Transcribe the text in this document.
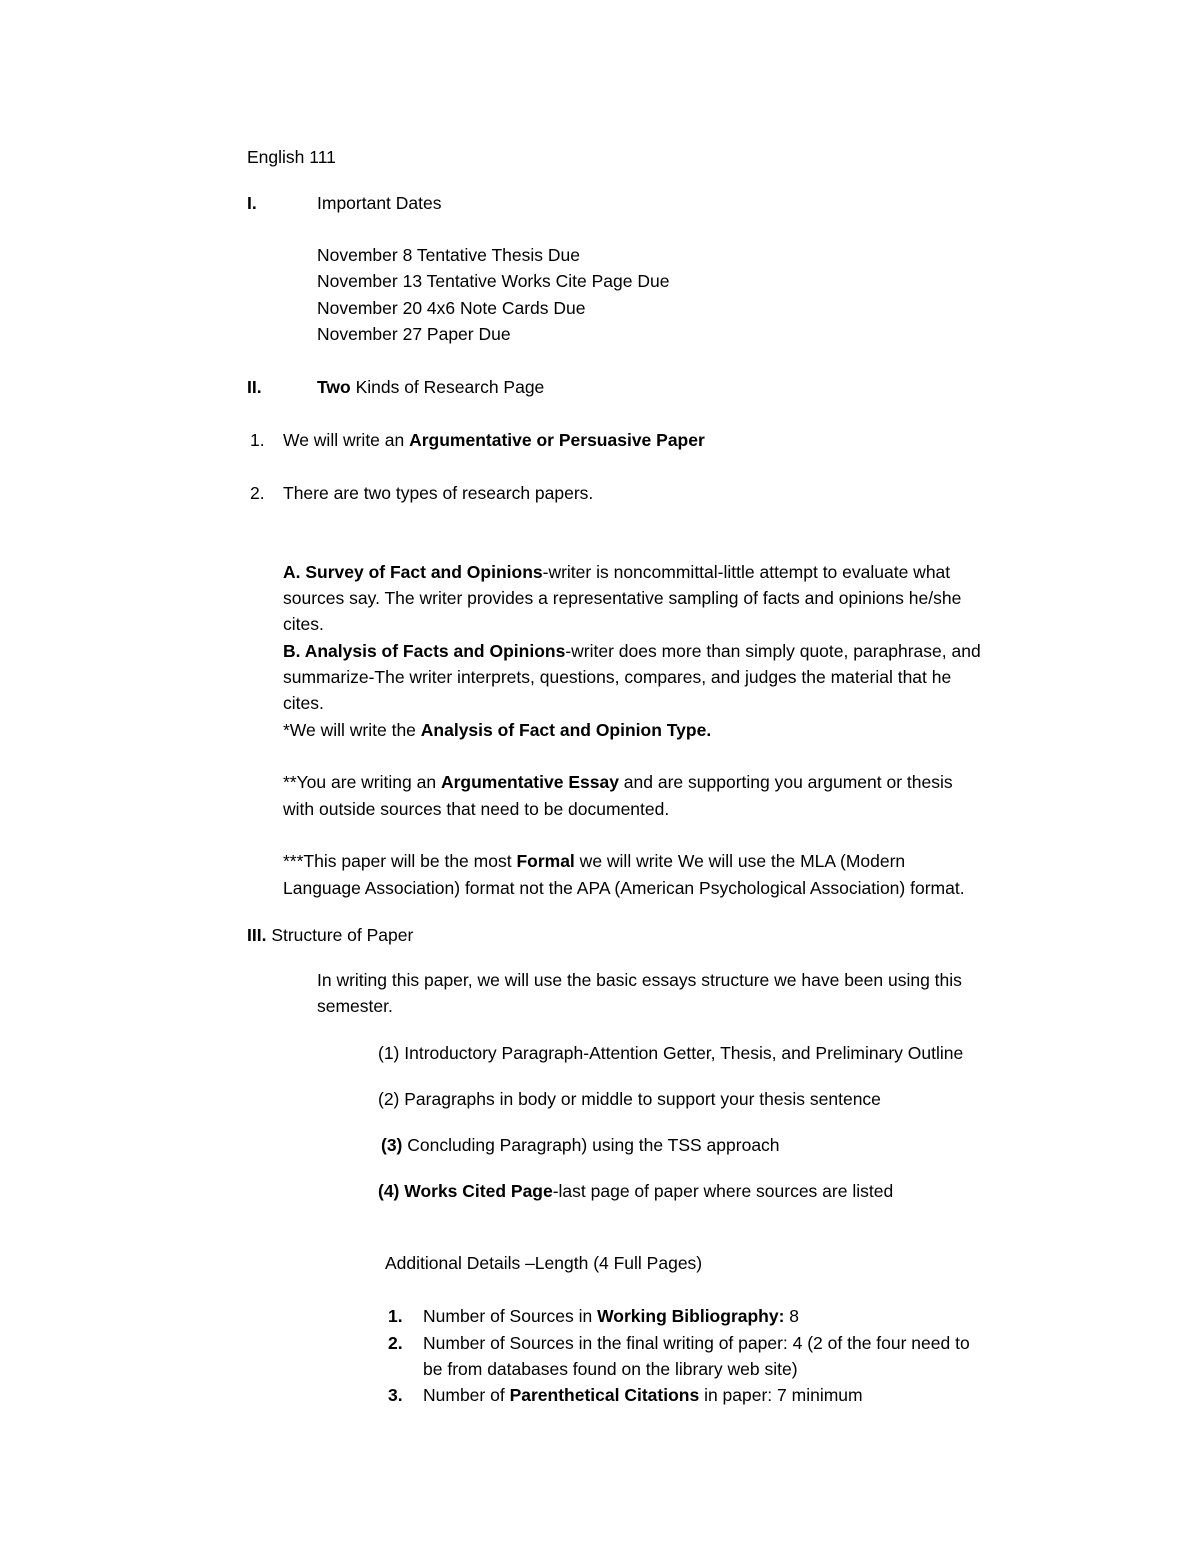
English 111
I.	Important Dates
November 8 Tentative Thesis Due
November 13 Tentative Works Cite Page Due
November 20 4x6 Note Cards Due
November 27 Paper Due
II.	Two Kinds of Research Page
1. We will write an Argumentative or Persuasive Paper
2. There are two types of research papers.
A. Survey of Fact and Opinions-writer is noncommittal-little attempt to evaluate what
sources say. The writer provides a representative sampling of facts and opinions he/she
cites.
B. Analysis of Facts and Opinions-writer does more than simply quote, paraphrase, and
summarize-The writer interprets, questions, compares, and judges the material that he
cites.
*We will write the Analysis of Fact and Opinion Type.
**You are writing an Argumentative Essay and are supporting you argument or thesis
with outside sources that need to be documented.
***This paper will be the most Formal we will write We will use the MLA (Modern
Language Association) format not the APA (American Psychological Association) format.
III. Structure of Paper
In writing this paper, we will use the basic essays structure we have been using this
semester.
(1) Introductory Paragraph-Attention Getter, Thesis, and Preliminary Outline
(2) Paragraphs in body or middle to support your thesis sentence
(3) Concluding Paragraph) using the TSS approach
(4) Works Cited Page-last page of paper where sources are listed
Additional Details –Length (4 Full Pages)
1. Number of Sources in Working Bibliography: 8
2. Number of Sources in the final writing of paper: 4 (2 of the four need to
be from databases found on the library web site)
3. Number of Parenthetical Citations in paper: 7 minimum
